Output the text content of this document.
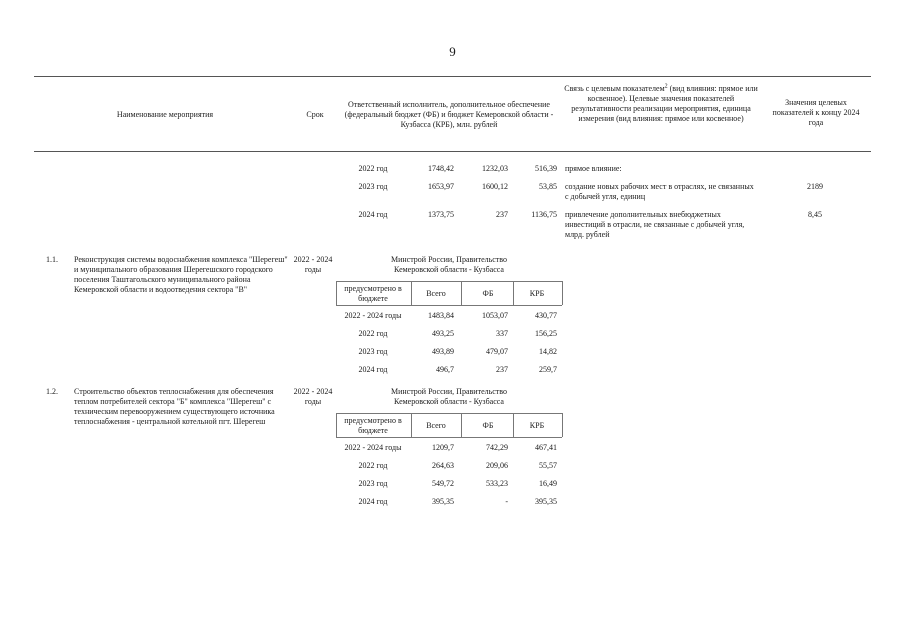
9
Наименование мероприятия	Срок
Ответственный исполнитель, дополнительное обеспечение (федеральный бюджет (ФБ) и бюджет Кемеровской области - Кузбасса (КРБ), млн. рублей
Связь с целевым показателем$^2$ (вид влияния: прямое или косвенное). Целевые значения показателей результативности реализации мероприятия, единица измерения (вид влияния: прямое или косвенное)
Значения целевых показателей к концу 2024 года
2022 год	1748,42	1232,03	516,39 прямое влияние:
2023 год	1653,97	1600,12	53,85 создание новых рабочих мест в отраслях, не связанных с добычей угля, единиц
2189
2024 год	1373,75	237	1136,75 привлечение дополнительных внебюджетных инвестиций в отрасли, не связанные с добычей угля, млрд. рублей
8,45
1.1.	Реконструкция системы водоснабжения комплекса "Шерегеш" и муниципального образования Шерегешского городского поселения Таштагольского муниципального района Кемеровской области и водоотведения сектора "В"
2022 - 2024 годы
Минстрой России, Правительство Кемеровской области - Кузбасса
предусмотрено в бюджете
Всего	ФБ	КРБ
2022 - 2024 годы	1483,84	1053,07	430,77
2022 год	493,25	337	156,25
2023 год	493,89	479,07	14,82
2024 год	496,7	237	259,7
1.2.	Строительство объектов теплоснабжения для обеспечения теплом потребителей сектора "Б" комплекса "Шерегеш" с техническим перевооружением существующего источника теплоснабжения - центральной котельной пгт. Шерегеш
2022 - 2024 годы
Минстрой России, Правительство Кемеровской области - Кузбасса
предусмотрено в бюджете
Всего	ФБ	КРБ
2022 - 2024 годы	1209,7	742,29	467,41
2022 год	264,63	209,06	55,57
2023 год	549,72	533,23	16,49
2024 год	395,35	-	395,35
